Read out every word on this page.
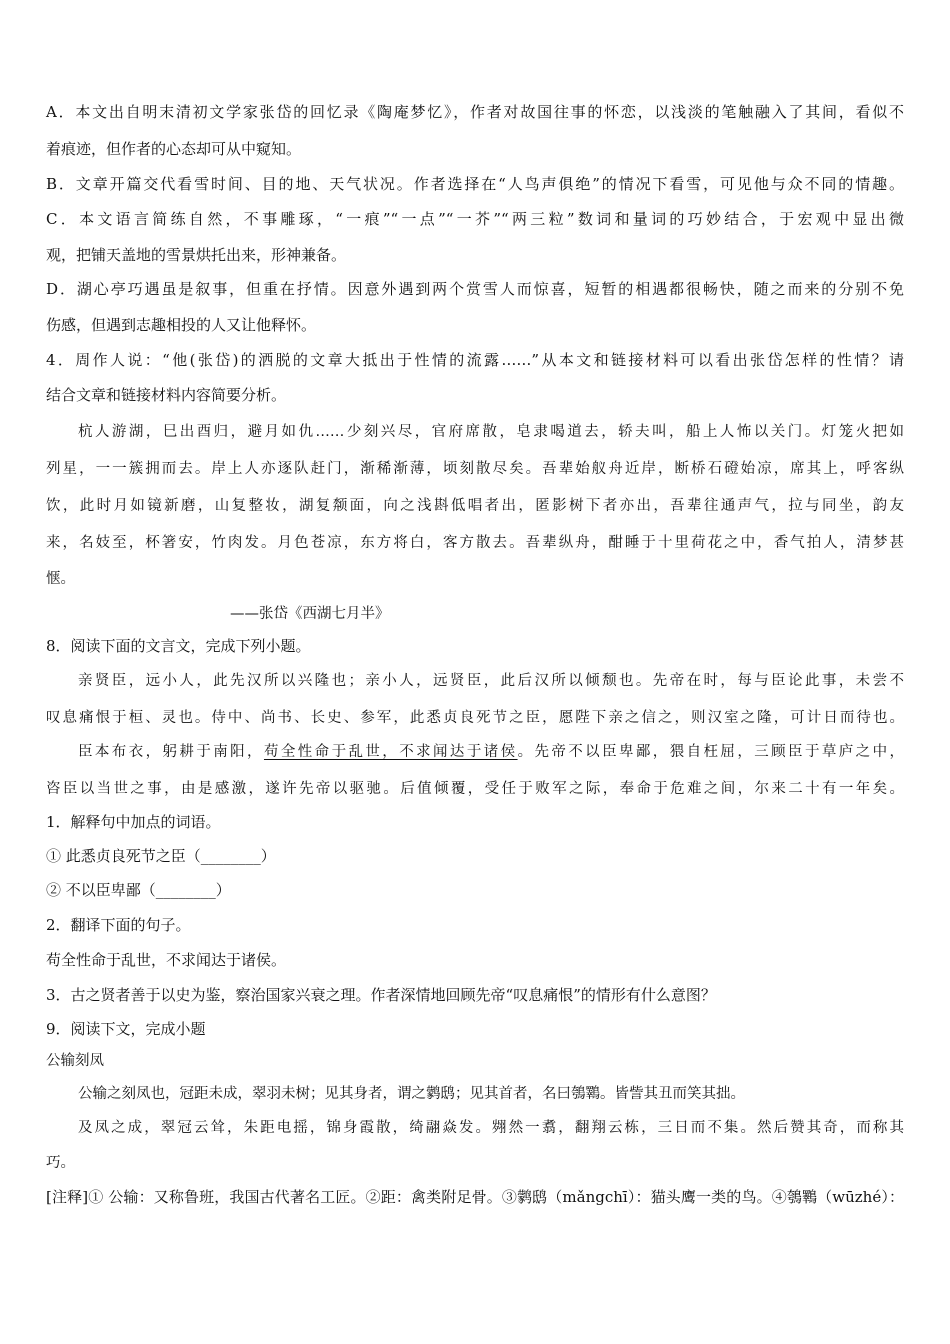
A．本文出自明末清初文学家张岱的回忆录《陶庵梦忆》，作者对故国往事的怀恋，以浅淡的笔触融入了其间，看似不

着痕迹，但作者的心态却可从中窥知。

B．文章开篇交代看雪时间、目的地、天气状况。作者选择在“人鸟声俱绝”的情况下看雪，可见他与众不同的情趣。

C．本文语言简练自然，不事雕琢，“一痕”“一点”“一芥”“两三粒”数词和量词的巧妙结合，于宏观中显出微

观，把铺天盖地的雪景烘托出来，形神兼备。

D．湖心亭巧遇虽是叙事，但重在抒情。因意外遇到两个赏雪人而惊喜，短暂的相遇都很畅快，随之而来的分别不免

伤感，但遇到志趣相投的人又让他释怀。

4．周作人说：“他(张岱)的洒脱的文章大抵出于性情的流露……”从本文和链接材料可以看出张岱怎样的性情？请

结合文章和链接材料内容简要分析。

杭人游湖，巳出酉归，避月如仇……少刻兴尽，官府席散，皂隶喝道去，轿夫叫，船上人怖以关门。灯笼火把如

列星，一一簇拥而去。岸上人亦逐队赶门，渐稀渐薄，顷刻散尽矣。吾辈始舣舟近岸，断桥石磴始凉，席其上，呼客纵

饮，此时月如镜新磨，山复整妆，湖复颒面，向之浅斟低唱者出，匿影树下者亦出，吾辈往通声气，拉与同坐，韵友

来，名妓至，杯箸安，竹肉发。月色苍凉，东方将白，客方散去。吾辈纵舟，酣睡于十里荷花之中，香气拍人，清梦甚

惬。

——张岱《西湖七月半》

8．阅读下面的文言文，完成下列小题。

亲贤臣，远小人，此先汉所以兴隆也；亲小人，远贤臣，此后汉所以倾颓也。先帝在时，每与臣论此事，未尝不

叹息痛恨于桓、灵也。侍中、尚书、长史、参军，此悉贞良死节之臣，愿陛下亲之信之，则汉室之隆，可计日而待也。

臣本布衣，躬耕于南阳，苟全性命于乱世，不求闻达于诸侯。先帝不以臣卑鄙，猥自枉屈，三顾臣于草庐之中，

咨臣以当世之事，由是感激，遂许先帝以驱驰。后值倾覆，受任于败军之际，奉命于危难之间，尔来二十有一年矣。

1．解释句中加点的词语。

① 此悉贞良死节之臣（________）

② 不以臣卑鄙（________）

2．翻译下面的句子。

苟全性命于乱世，不求闻达于诸侯。

3．古之贤者善于以史为鉴，察治国家兴衰之理。作者深情地回顾先帝“叹息痛恨”的情形有什么意图？

9．阅读下文，完成小题

公输刻凤

公输之刻凤也，冠距未成，翠羽未树；见其身者，谓之鹲鸱；见其首者，名曰鴮鸅。皆訾其丑而笑其拙。

及凤之成，翠冠云耸，朱距电摇，锦身霞散，绮翮焱发。翙然一翥，翻翔云栋，三日而不集。然后赞其奇，而称其

巧。

[注释]① 公输：又称鲁班，我国古代著名工匠。②距：禽类附足骨。③鹲鸱（mǎngchī）：猫头鹰一类的鸟。④鴮鸅（wūzhé）：
